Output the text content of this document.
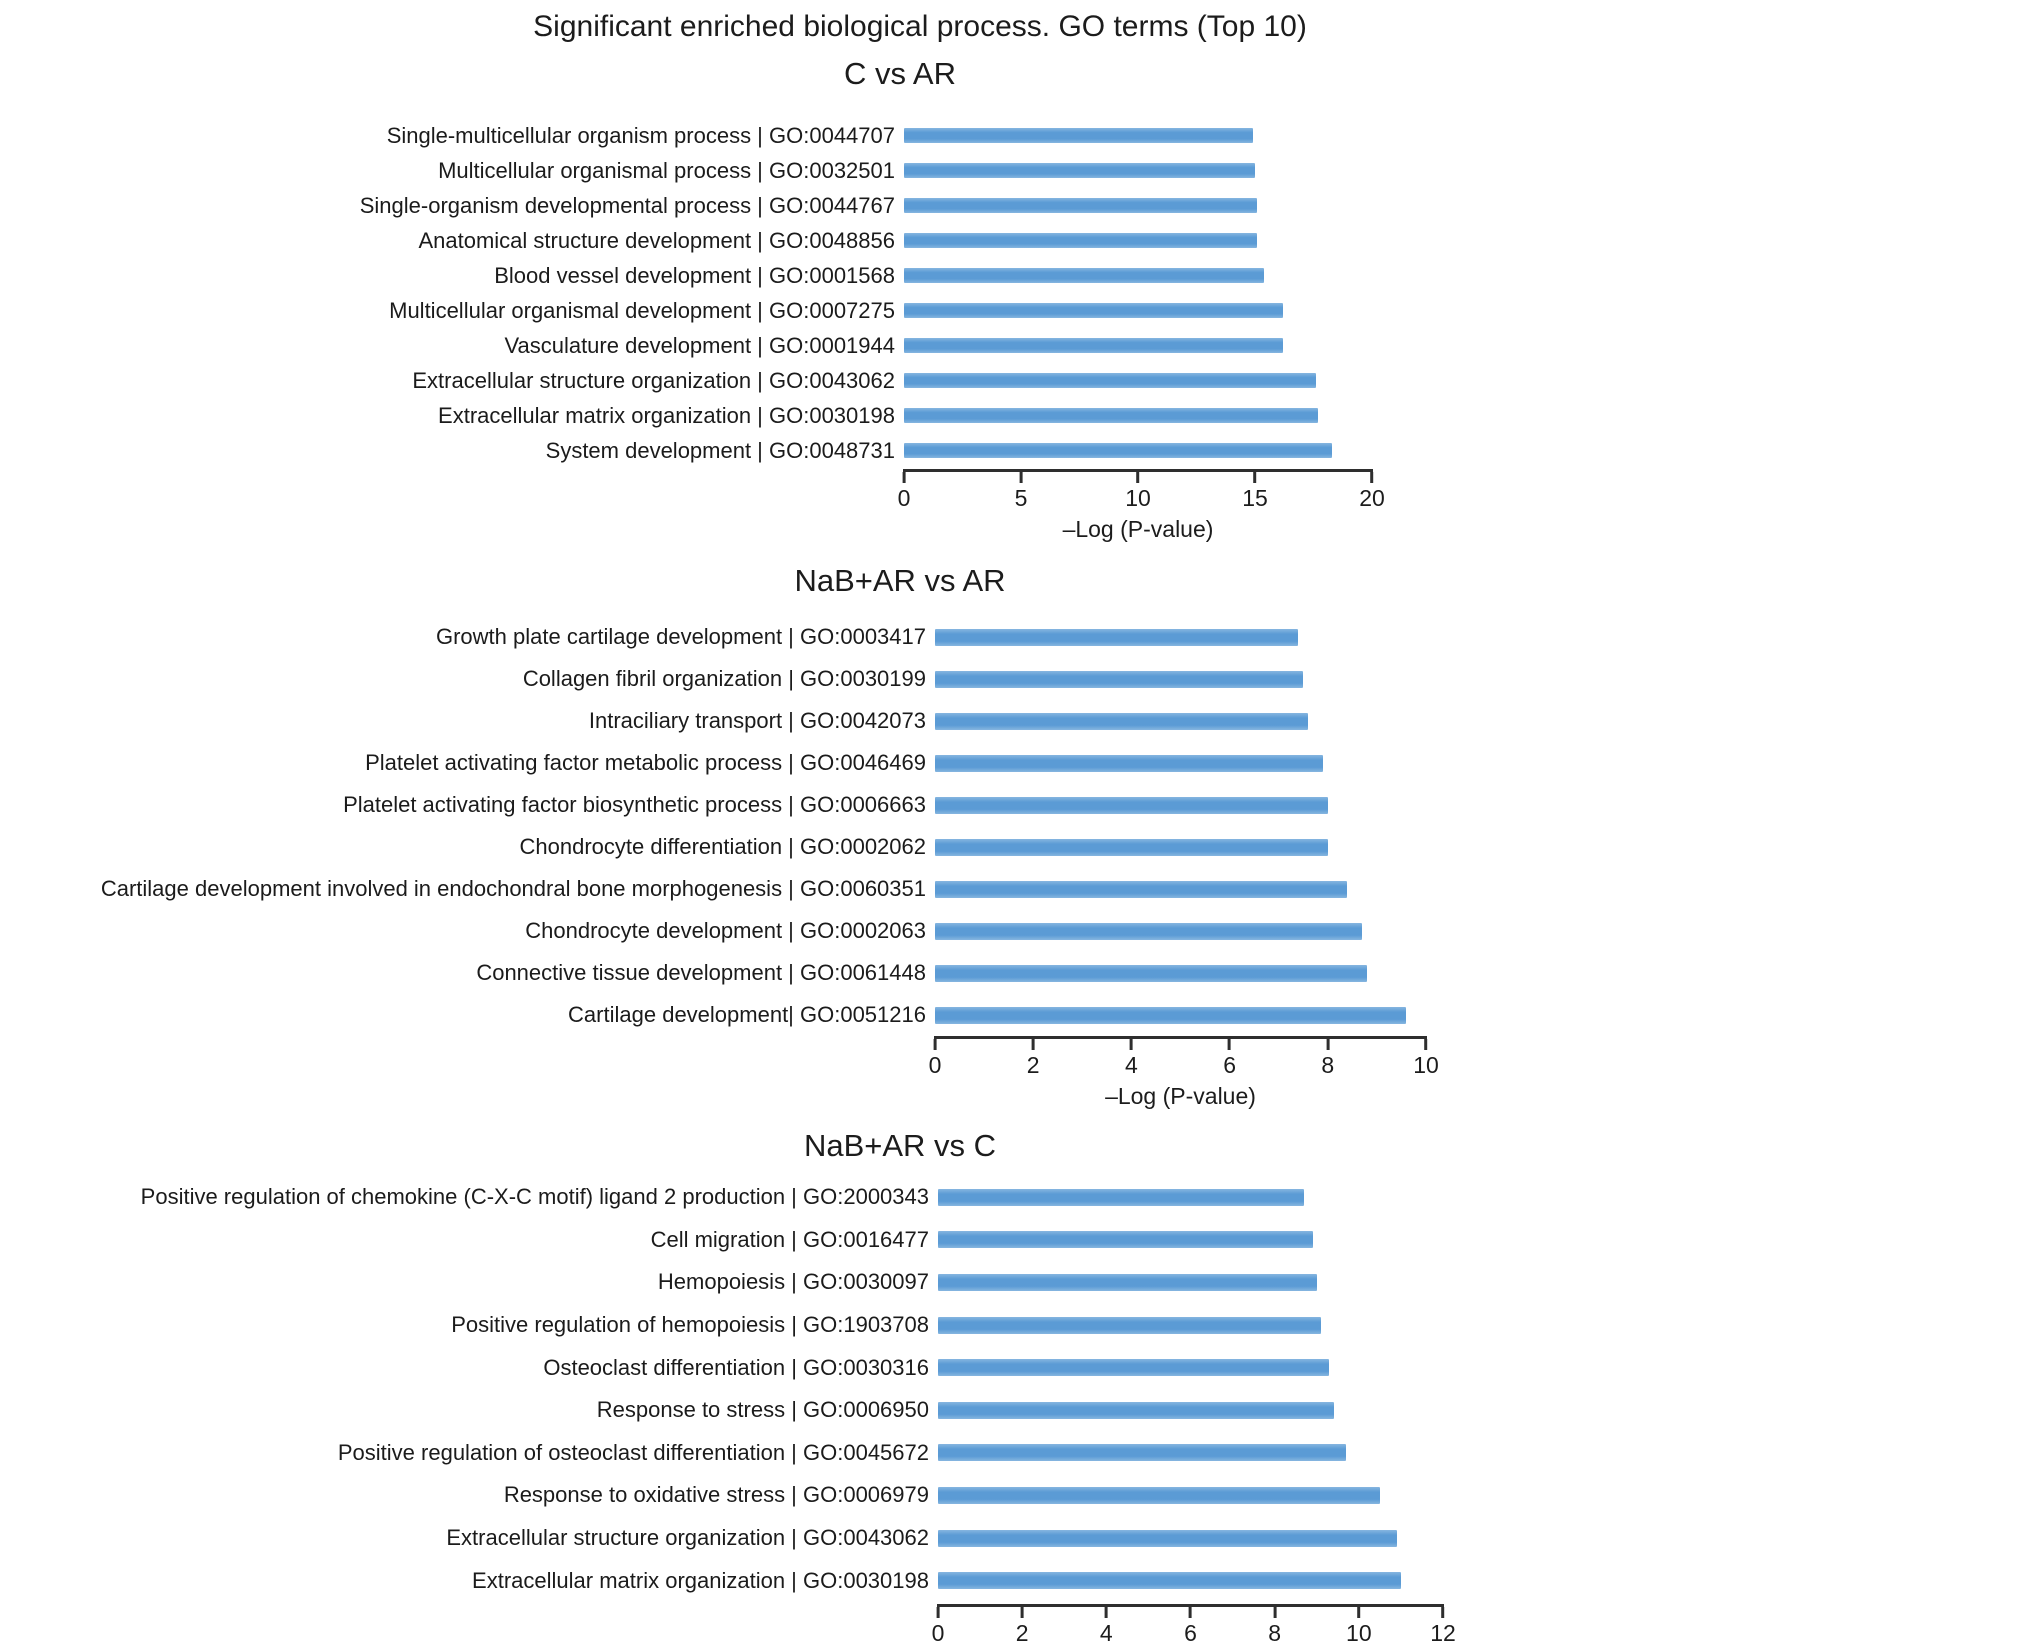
Significant enriched biological process. GO terms (Top 10)
C vs AR
Single-multicellular organism process | GO:0044707
Multicellular organismal process | GO:0032501
Single-organism developmental process | GO:0044767
Anatomical structure development | GO:0048856
Blood vessel development | GO:0001568
Multicellular organismal development | GO:0007275
Vasculature development | GO:0001944
Extracellular structure organization | GO:0043062
Extracellular matrix organization | GO:0030198
System development | GO:0048731
–Log (P-value)
0	5	10	15	20
NaB+AR vs AR
Growth plate cartilage development | GO:0003417
Collagen fibril organization | GO:0030199
Intraciliary transport | GO:0042073
Platelet activating factor metabolic process | GO:0046469
Platelet activating factor biosynthetic process | GO:0006663
Chondrocyte differentiation | GO:0002062
Cartilage development involved in endochondral bone morphogenesis | GO:0060351
Chondrocyte development | GO:0002063
Connective tissue development | GO:0061448
Cartilage development| GO:0051216
–Log (P-value)
0	2	4	6	8	10
NaB+AR vs C
Positive regulation of chemokine (C-X-C motif) ligand 2 production | GO:2000343
Cell migration | GO:0016477
Hemopoiesis | GO:0030097
Positive regulation of hemopoiesis | GO:1903708
Osteoclast differentiation | GO:0030316
Response to stress | GO:0006950
Positive regulation of osteoclast differentiation | GO:0045672
Response to oxidative stress | GO:0006979
Extracellular structure organization | GO:0043062
Extracellular matrix organization | GO:0030198
0	2	4	6	8	10	12
